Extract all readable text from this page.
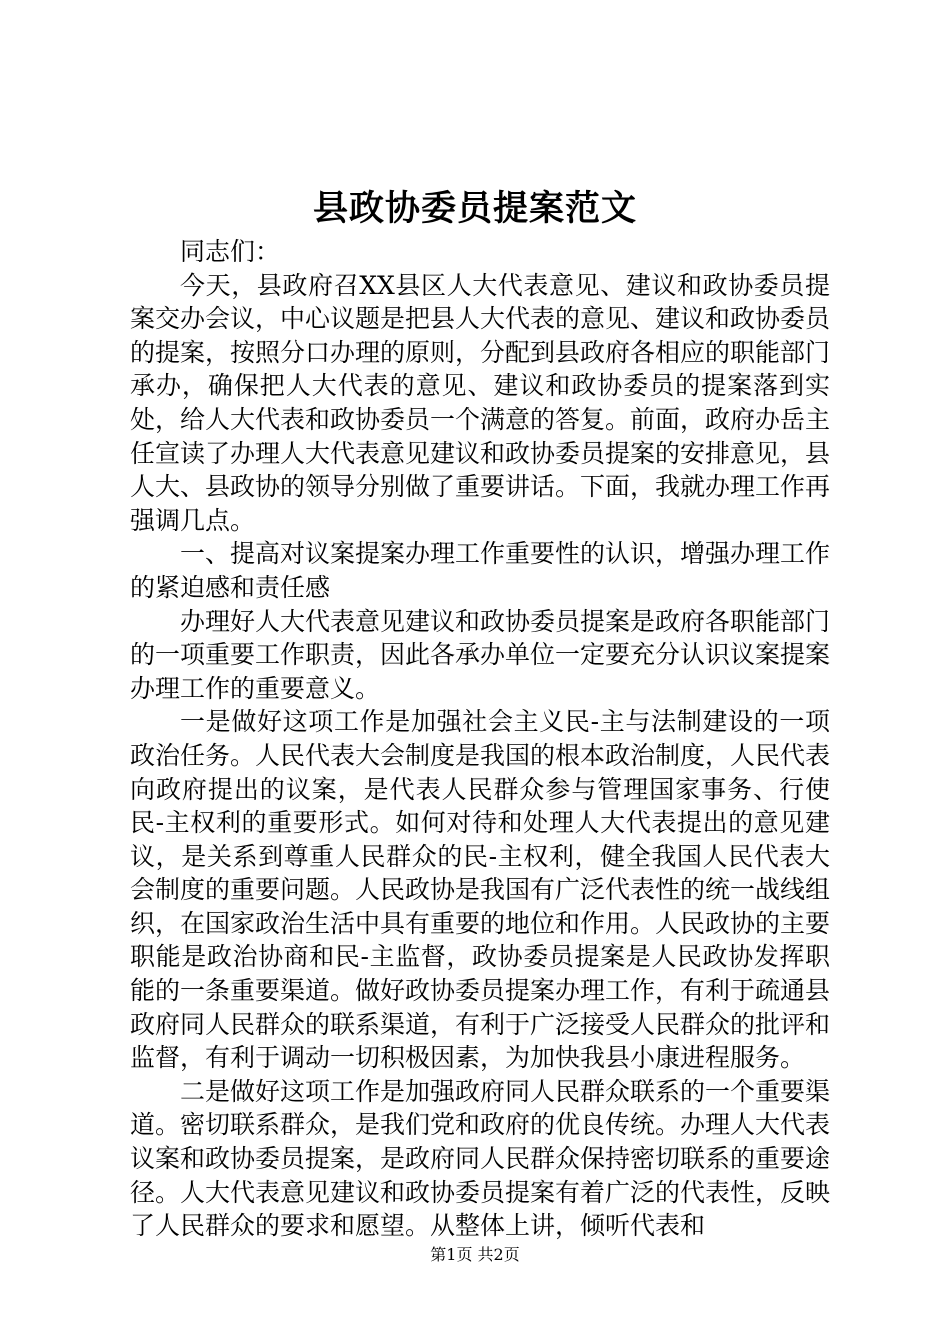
县政协委员提案范文

同志们：

今天，县政府召XX县区人大代表意见、建议和政协委员提案交办会议，中心议题是把县人大代表的意见、建议和政协委员的提案，按照分口办理的原则，分配到县政府各相应的职能部门承办，确保把人大代表的意见、建议和政协委员的提案落到实处，给人大代表和政协委员一个满意的答复。前面，政府办岳主任宣读了办理人大代表意见建议和政协委员提案的安排意见，县人大、县政协的领导分别做了重要讲话。下面，我就办理工作再强调几点。

一、提高对议案提案办理工作重要性的认识，增强办理工作的紧迫感和责任感

办理好人大代表意见建议和政协委员提案是政府各职能部门的一项重要工作职责，因此各承办单位一定要充分认识议案提案办理工作的重要意义。

一是做好这项工作是加强社会主义民-主与法制建设的一项政治任务。人民代表大会制度是我国的根本政治制度，人民代表向政府提出的议案，是代表人民群众参与管理国家事务、行使民-主权利的重要形式。如何对待和处理人大代表提出的意见建议，是关系到尊重人民群众的民-主权利，健全我国人民代表大会制度的重要问题。人民政协是我国有广泛代表性的统一战线组织，在国家政治生活中具有重要的地位和作用。人民政协的主要职能是政治协商和民-主监督，政协委员提案是人民政协发挥职能的一条重要渠道。做好政协委员提案办理工作，有利于疏通县政府同人民群众的联系渠道，有利于广泛接受人民群众的批评和监督，有利于调动一切积极因素，为加快我县小康进程服务。

二是做好这项工作是加强政府同人民群众联系的一个重要渠道。密切联系群众，是我们党和政府的优良传统。办理人大代表议案和政协委员提案，是政府同人民群众保持密切联系的重要途径。人大代表意见建议和政协委员提案有着广泛的代表性，反映了人民群众的要求和愿望。从整体上讲，倾听代表和

第1页 共2页
